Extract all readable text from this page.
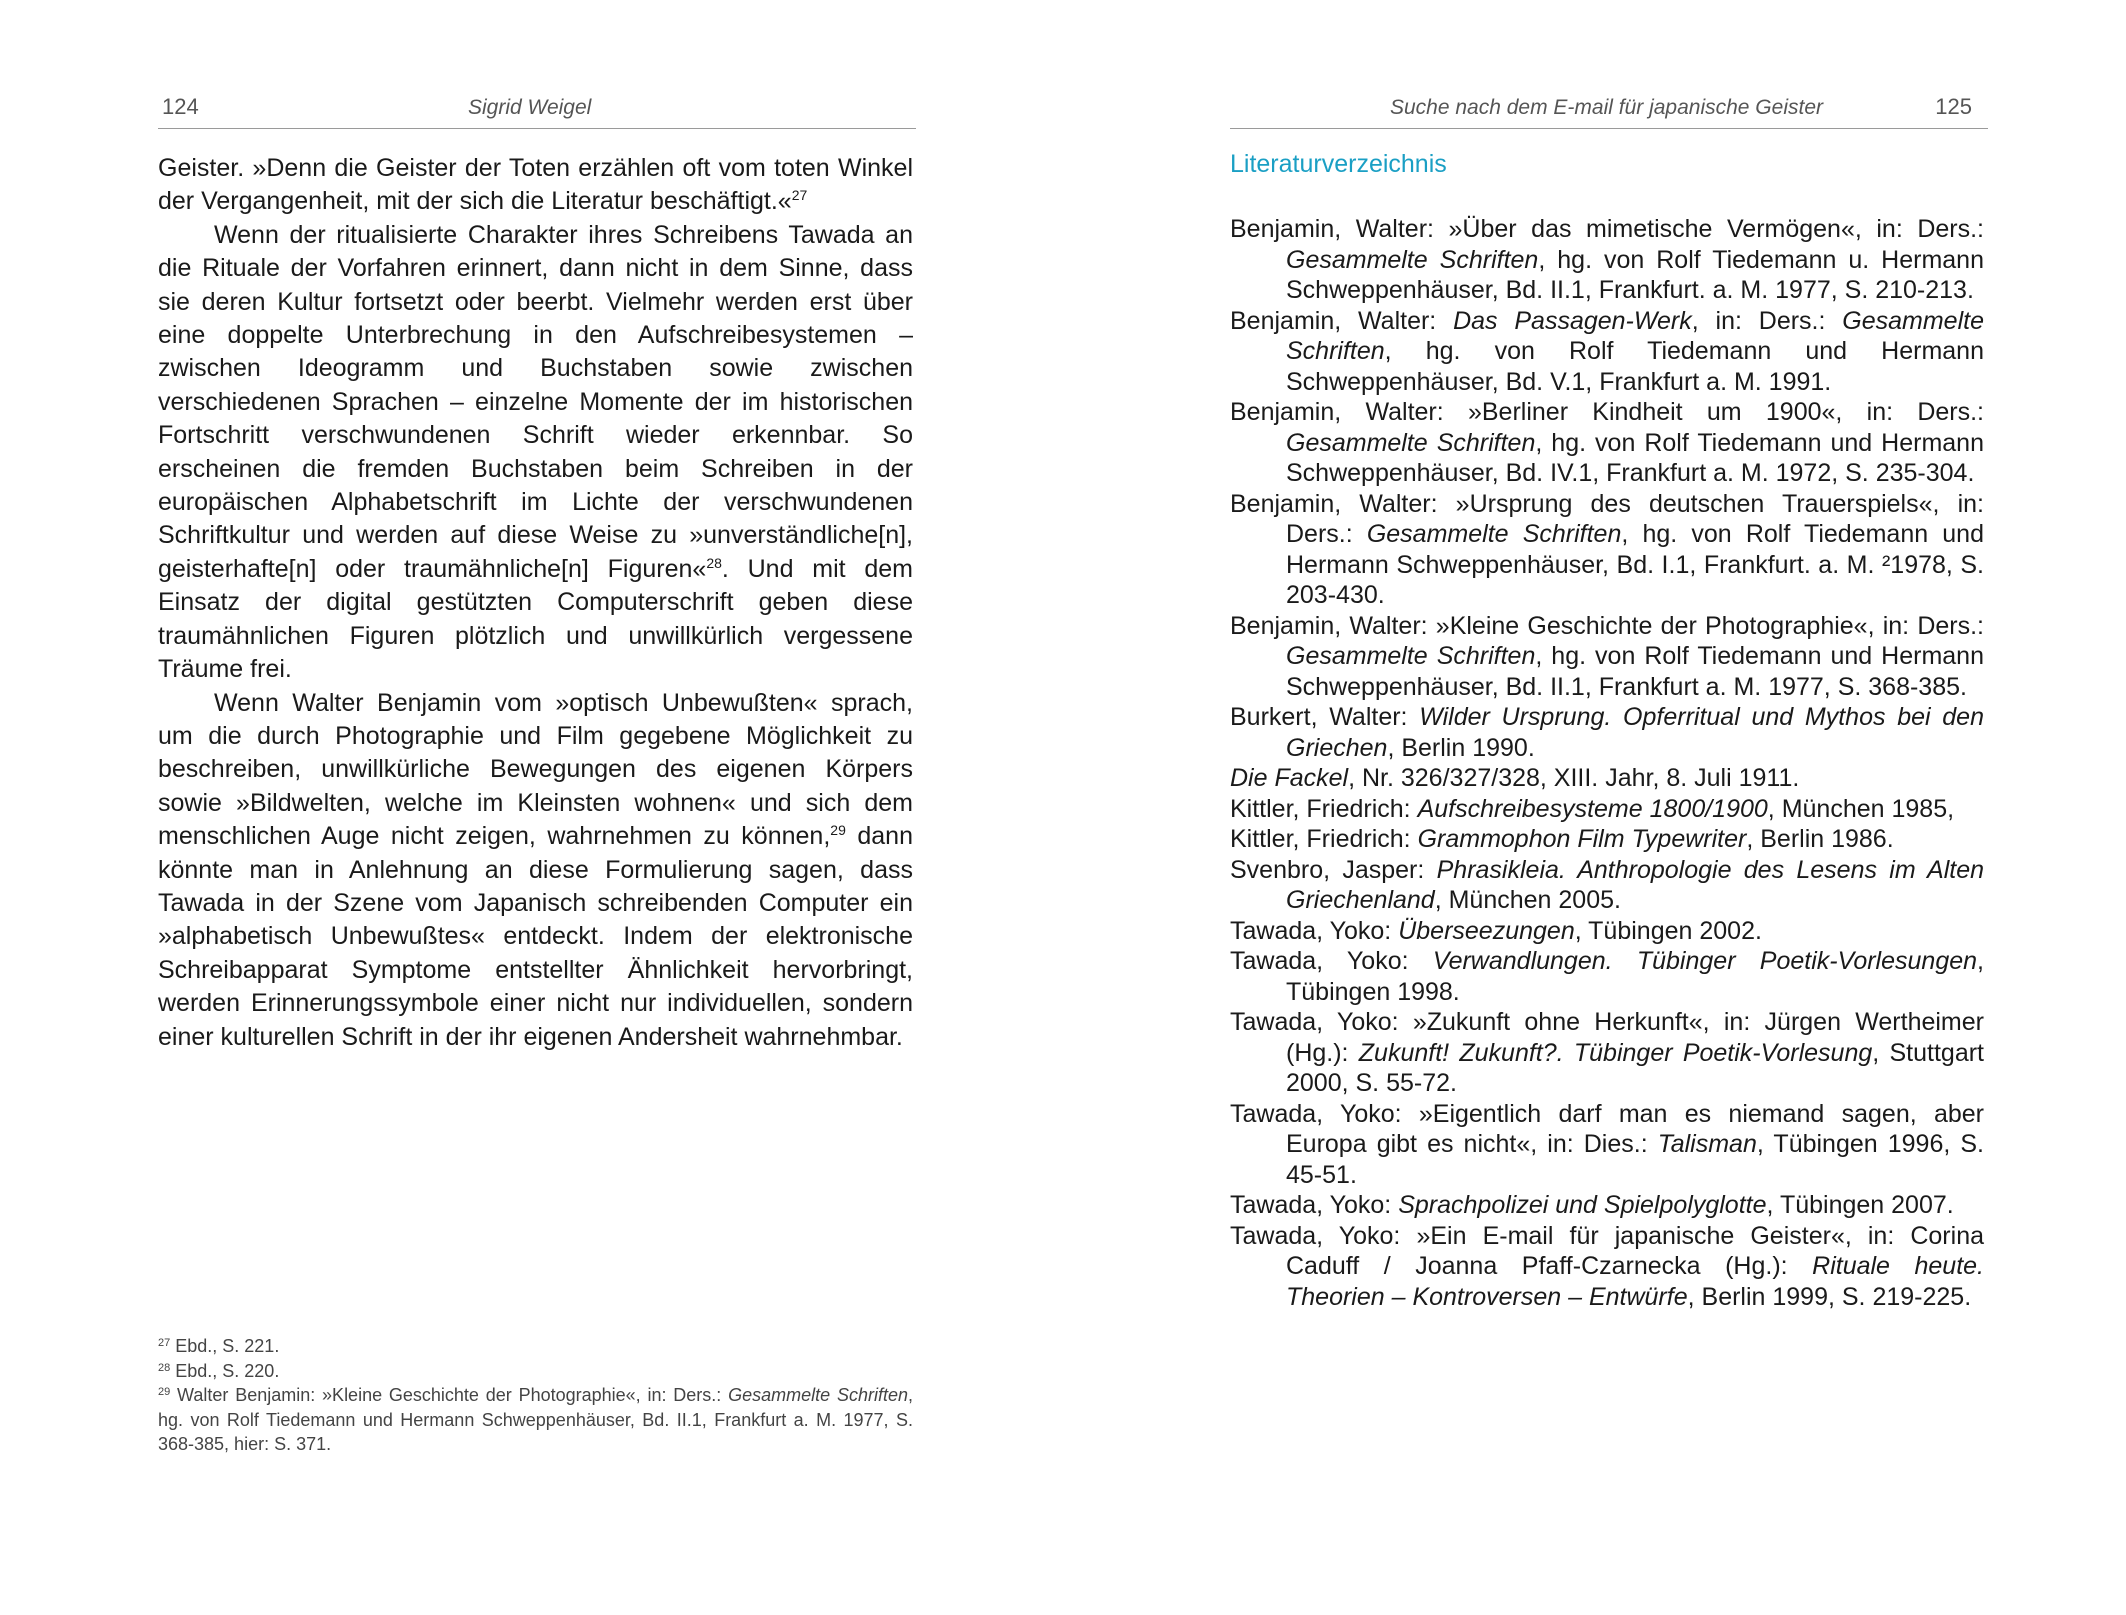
124	Sigrid Weigel

Geister. »Denn die Geister der Toten erzählen oft vom toten Winkel der Vergangenheit, mit der sich die Literatur beschäftigt.«$^{27}$

Wenn der ritualisierte Charakter ihres Schreibens Tawada an die Rituale der Vorfahren erinnert, dann nicht in dem Sinne, dass sie deren Kultur fortsetzt oder beerbt. Vielmehr werden erst über eine doppelte Unterbrechung in den Aufschreibesystemen – zwischen Ideogramm und Buchstaben sowie zwischen verschiedenen Sprachen – einzelne Momente der im historischen Fortschritt verschwundenen Schrift wieder erkennbar. So erscheinen die fremden Buchstaben beim Schreiben in der europäischen Alphabetschrift im Lichte der verschwundenen Schriftkultur und werden auf diese Weise zu »unverständliche[n], geisterhafte[n] oder traumähnliche[n] Figuren«$^{28}$. Und mit dem Einsatz der digital gestützten Computerschrift geben diese traumähnlichen Figuren plötzlich und unwillkürlich vergessene Träume frei.

Wenn Walter Benjamin vom »optisch Unbewußten« sprach, um die durch Photographie und Film gegebene Möglichkeit zu beschreiben, unwillkürliche Bewegungen des eigenen Körpers sowie »Bildwelten, welche im Kleinsten wohnen« und sich dem menschlichen Auge nicht zeigen, wahrnehmen zu können,$^{29}$ dann könnte man in Anlehnung an diese Formulierung sagen, dass Tawada in der Szene vom Japanisch schreibenden Computer ein »alphabetisch Unbewußtes« entdeckt. Indem der elektronische Schreibapparat Symptome entstellter Ähnlichkeit hervorbringt, werden Erinnerungssymbole einer nicht nur individuellen, sondern einer kulturellen Schrift in der ihr eigenen Andersheit wahrnehmbar.

$^{27}$ Ebd., S. 221.

$^{28}$ Ebd., S. 220.

$^{29}$ Walter Benjamin: »Kleine Geschichte der Photographie«, in: Ders.: Gesammelte Schriften, hg. von Rolf Tiedemann und Hermann Schweppenhäuser, Bd. II.1, Frankfurt a. M. 1977, S. 368-385, hier: S. 371.

Suche nach dem E-mail für japanische Geister	125
Literaturverzeichnis

Benjamin, Walter: »Über das mimetische Vermögen«, in: Ders.: Gesammelte Schriften, hg. von Rolf Tiedemann u. Hermann Schweppenhäuser, Bd. II.1, Frankfurt. a. M. 1977, S. 210-213.

Benjamin, Walter: Das Passagen-Werk, in: Ders.: Gesammelte Schriften, hg. von Rolf Tiedemann und Hermann Schweppenhäuser, Bd. V.1, Frankfurt a. M. 1991.

Benjamin, Walter: »Berliner Kindheit um 1900«, in: Ders.: Gesammelte Schriften, hg. von Rolf Tiedemann und Hermann Schweppenhäuser, Bd. IV.1, Frankfurt a. M. 1972, S. 235-304.

Benjamin, Walter: »Ursprung des deutschen Trauerspiels«, in: Ders.: Gesammelte Schriften, hg. von Rolf Tiedemann und Hermann Schweppenhäuser, Bd. I.1, Frankfurt. a. M. ²1978, S. 203-430.

Benjamin, Walter: »Kleine Geschichte der Photographie«, in: Ders.: Gesammelte Schriften, hg. von Rolf Tiedemann und Hermann Schweppenhäuser, Bd. II.1, Frankfurt a. M. 1977, S. 368-385.

Burkert, Walter: Wilder Ursprung. Opferritual und Mythos bei den Griechen, Berlin 1990.

Die Fackel, Nr. 326/327/328, XIII. Jahr, 8. Juli 1911.

Kittler, Friedrich: Aufschreibesysteme 1800/1900, München 1985,

Kittler, Friedrich: Grammophon Film Typewriter, Berlin 1986.

Svenbro, Jasper: Phrasikleia. Anthropologie des Lesens im Alten Griechenland, München 2005.

Tawada, Yoko: Überseezungen, Tübingen 2002.

Tawada, Yoko: Verwandlungen. Tübinger Poetik-Vorlesungen, Tübingen 1998.

Tawada, Yoko: »Zukunft ohne Herkunft«, in: Jürgen Wertheimer (Hg.): Zukunft! Zukunft?. Tübinger Poetik-Vorlesung, Stuttgart 2000, S. 55-72.

Tawada, Yoko: »Eigentlich darf man es niemand sagen, aber Europa gibt es nicht«, in: Dies.: Talisman, Tübingen 1996, S. 45-51.

Tawada, Yoko: Sprachpolizei und Spielpolyglotte, Tübingen 2007.

Tawada, Yoko: »Ein E-mail für japanische Geister«, in: Corina Caduff / Joanna Pfaff-Czarnecka (Hg.): Rituale heute. Theorien – Kontroversen – Entwürfe, Berlin 1999, S. 219-225.
